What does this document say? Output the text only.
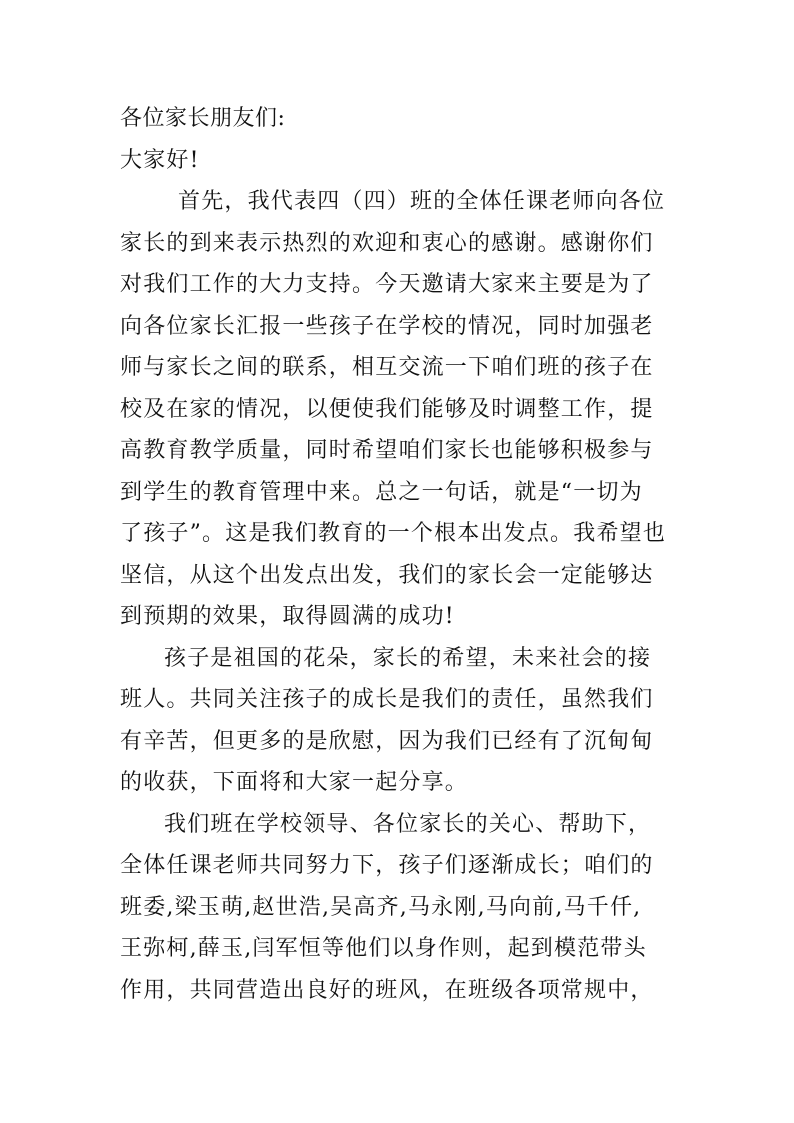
各位家长朋友们:
大家好!
首先，我代表四（四）班的全体任课老师向各位
家长的到来表示热烈的欢迎和衷心的感谢。感谢你们
对我们工作的大力支持。今天邀请大家来主要是为了
向各位家长汇报一些孩子在学校的情况，同时加强老
师与家长之间的联系，相互交流一下咱们班的孩子在
校及在家的情况，以便使我们能够及时调整工作，提
高教育教学质量，同时希望咱们家长也能够积极参与
到学生的教育管理中来。总之一句话，就是“一切为
了孩子”。这是我们教育的一个根本出发点。我希望也
坚信，从这个出发点出发，我们的家长会一定能够达
到预期的效果，取得圆满的成功!
孩子是祖国的花朵，家长的希望，未来社会的接
班人。共同关注孩子的成长是我们的责任，虽然我们
有辛苦，但更多的是欣慰，因为我们已经有了沉甸甸
的收获，下面将和大家一起分享。
我们班在学校领导、各位家长的关心、帮助下，
全体任课老师共同努力下，孩子们逐渐成长；咱们的
班委,梁玉萌,赵世浩,吴高齐,马永刚,马向前,马千仟,
王弥柯,薛玉,闫军恒等他们以身作则，起到模范带头
作用，共同营造出良好的班风，在班级各项常规中，
